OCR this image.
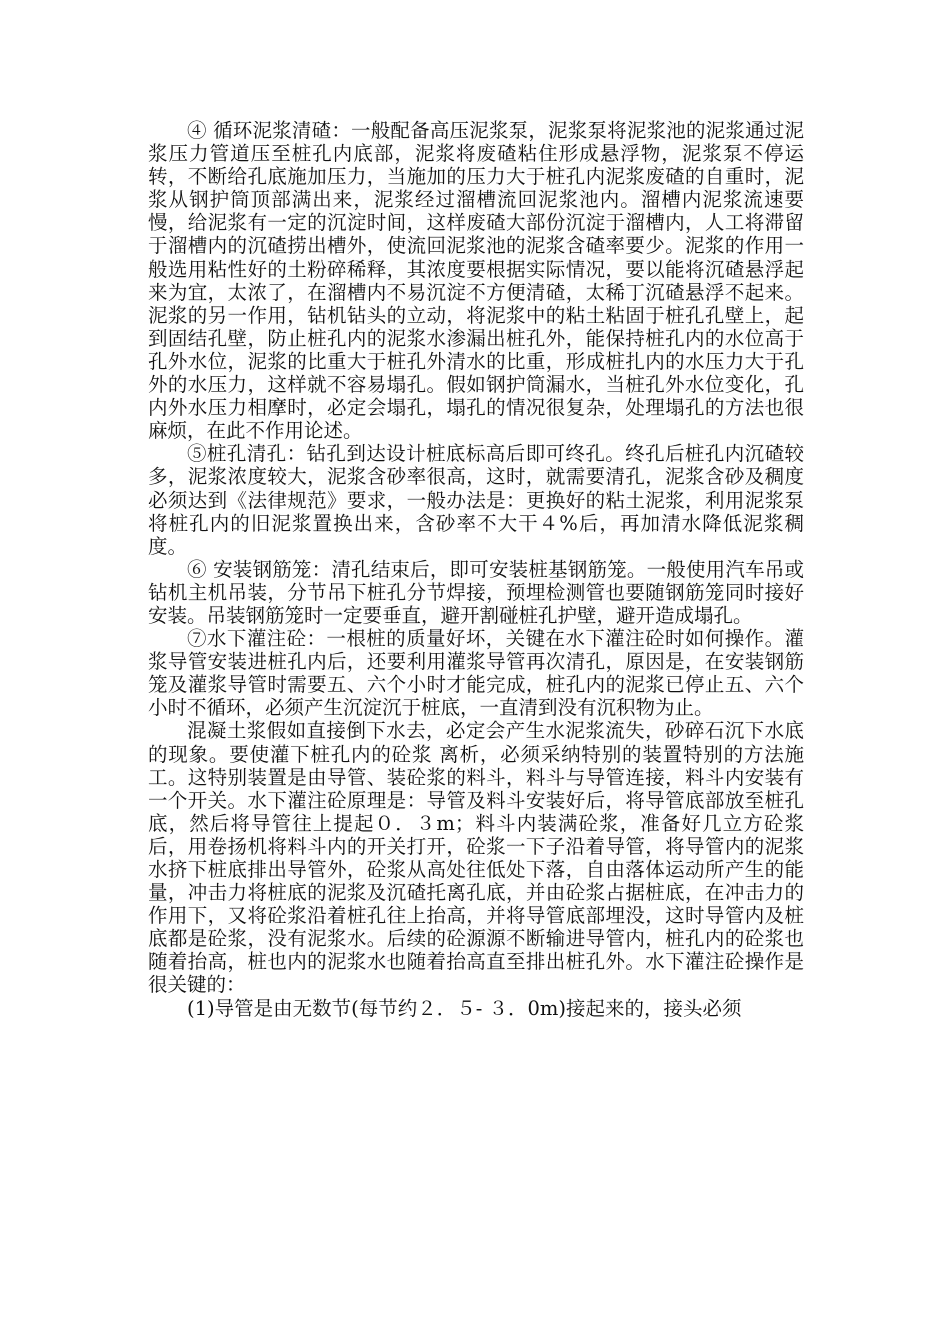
④ 循环泥浆清碴：一般配备高压泥浆泵，泥浆泵将泥浆池的泥浆通过泥浆压力管道压至桩孔内底部，泥浆将废碴粘住形成悬浮物，泥浆泵不停运转，不断给孔底施加压力，当施加的压力大于桩孔内泥浆废碴的自重时，泥浆从钢护筒顶部满出来，泥浆经过溜槽流回泥浆池内。溜槽内泥浆流速要慢，给泥浆有一定的沉淀时间，这样废碴大部份沉淀于溜槽内，人工将滞留于溜槽内的沉碴捞出槽外，使流回泥浆池的泥浆含碴率要少。泥浆的作用一般选用粘性好的土粉碎稀释，其浓度要根据实际情况，要以能将沉碴悬浮起来为宜，太浓了，在溜槽内不易沉淀不方便清碴，太稀丁沉碴悬浮不起来。泥浆的另一作用，钻机钻头的立动，将泥浆中的粘土粘固于桩孔孔壁上，起到固结孔壁，防止桩孔内的泥浆水渗漏出桩孔外，能保持桩孔内的水位高于孔外水位，泥浆的比重大于桩孔外清水的比重，形成桩扎内的水压力大于孔外的水压力，这样就不容易塌孔。假如钢护筒漏水，当桩孔外水位变化，孔内外水压力相摩时，必定会塌孔，塌孔的情况很复杂，处理塌孔的方法也很麻烦，在此不作用论述。

⑤桩孔清孔：钻孔到达设计桩底标高后即可终孔。终孔后桩孔内沉碴较多，泥浆浓度较大，泥浆含砂率很高，这时，就需要清孔，泥浆含砂及稠度必须达到《法律规范》要求，一般办法是：更换好的粘土泥浆，利用泥浆泵将桩孔内的旧泥浆置换出来，含砂率不大干４%后，再加清水降低泥浆稠度。

⑥ 安装钢筋笼：清孔结束后，即可安装桩基钢筋笼。一般使用汽车吊或钻机主机吊装，分节吊下桩孔分节焊接，预埋检测管也要随钢筋笼同时接好安装。吊装钢筋笼时一定要垂直，避开割碰桩孔护壁，避开造成塌孔。

⑦水下灌注砼：一根桩的质量好坏，关键在水下灌注砼时如何操作。灌浆导管安装进桩孔内后，还要利用灌浆导管再次清孔，原因是，在安装钢筋笼及灌浆导管时需要五、六个小时才能完成，桩孔内的泥浆已停止五、六个小时不循环，必须产生沉淀沉于桩底，一直清到没有沉积物为止。

混凝土浆假如直接倒下水去，必定会产生水泥浆流失，砂碎石沉下水底的现象。要使灌下桩孔内的砼浆 离析，必须采纳特别的装置特别的方法施工。这特别装置是由导管、装砼浆的料斗，料斗与导管连接，料斗内安装有一个开关。水下灌注砼原理是：导管及料斗安装好后，将导管底部放至桩孔底，然后将导管往上提起０．３m；料斗内装满砼浆，准备好几立方砼浆后，用卷扬机将料斗内的开关打开，砼浆一下子沿着导管，将导管内的泥浆水挤下桩底排出导管外，砼浆从高处往低处下落，自由落体运动所产生的能量，冲击力将桩底的泥浆及沉碴托离孔底，并由砼浆占据桩底，在冲击力的作用下，又将砼浆沿着桩孔往上抬高，并将导管底部埋没，这时导管内及桩底都是砼浆，没有泥浆水。后续的砼源源不断输进导管内，桩孔内的砼浆也随着抬高，桩也内的泥浆水也随着抬高直至排出桩孔外。水下灌注砼操作是很关键的：

(1)导管是由无数节(每节约２．５- ３．0m)接起来的，接头必须
